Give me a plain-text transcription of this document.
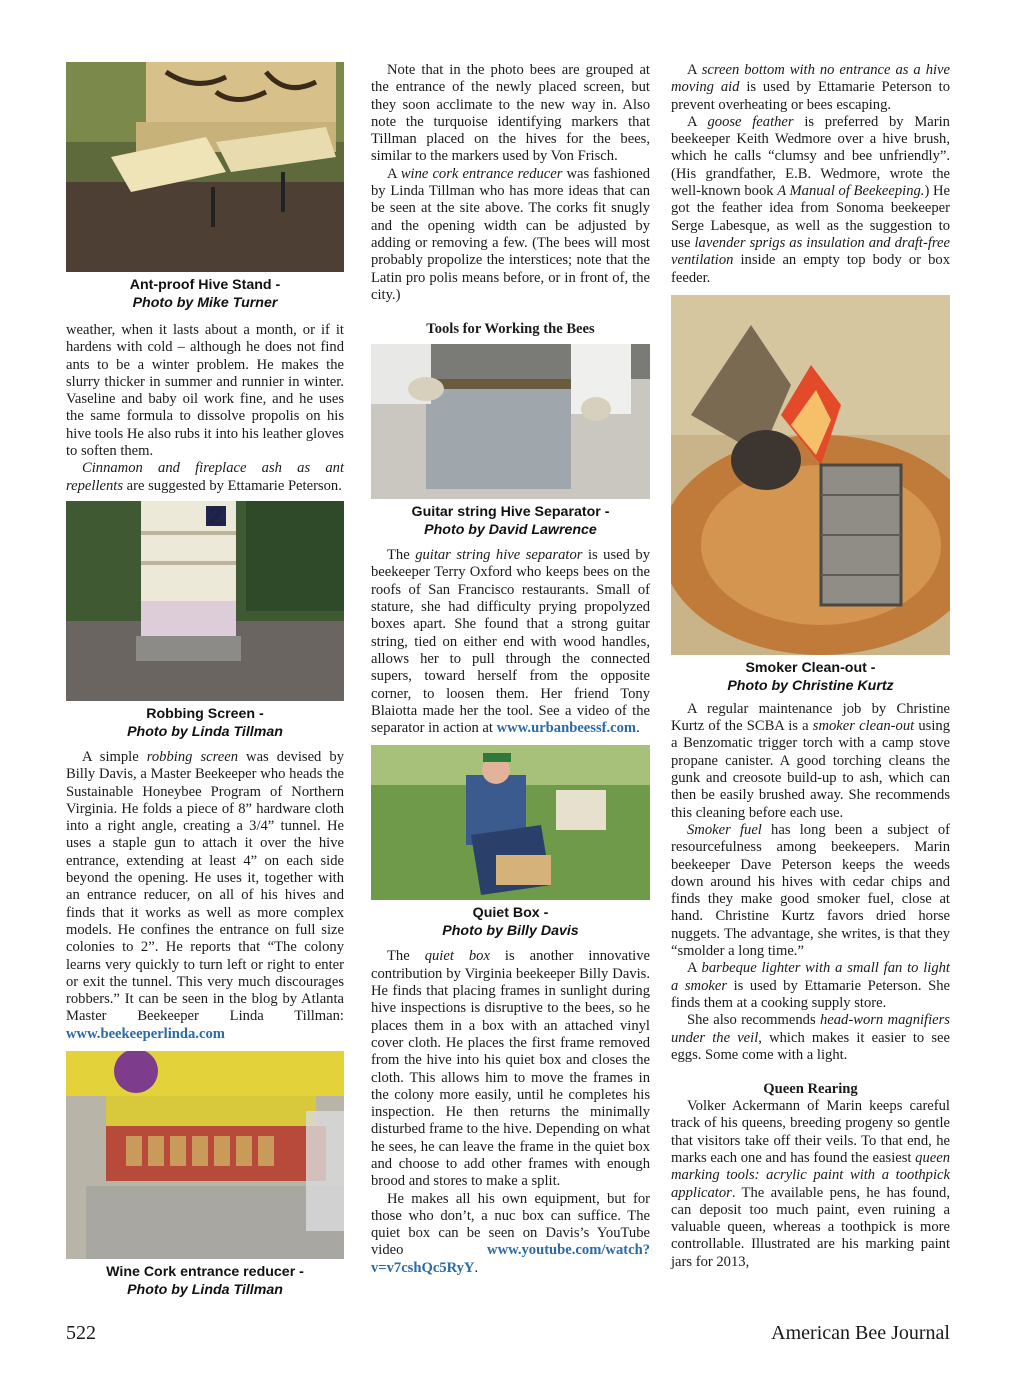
Ant-proof Hive Stand -
Photo by Mike Turner

weather, when it lasts about a month, or if it hardens with cold – although he does not find ants to be a winter problem. He makes the slurry thicker in summer and runnier in winter. Vaseline and baby oil work fine, and he uses the same formula to dissolve propolis on his hive tools He also rubs it into his leather gloves to soften them.

Cinnamon and fireplace ash as ant repellents are suggested by Ettamarie Peterson.

2
Robbing Screen -
Photo by Linda Tillman

A simple robbing screen was devised by Billy Davis, a Master Beekeeper who heads the Sustainable Honeybee Program of Northern Virginia. He folds a piece of 8” hardware cloth into a right angle, creating a 3/4” tunnel. He uses a staple gun to attach it over the hive entrance, extending at least 4” on each side beyond the opening. He uses it, together with an entrance reducer, on all of his hives and finds that it works as well as more complex models. He confines the entrance on full size colonies to 2”. He reports that “The colony learns very quickly to turn left or right to enter or exit the tunnel. This very much discourages robbers.” It can be seen in the blog by Atlanta Master Beekeeper Linda Tillman: www.beekeeperlinda.com

Wine Cork entrance reducer -
Photo by Linda Tillman

Note that in the photo bees are grouped at the entrance of the newly placed screen, but they soon acclimate to the new way in. Also note the turquoise identifying markers that Tillman placed on the hives for the bees, similar to the markers used by Von Frisch.

A wine cork entrance reducer was fashioned by Linda Tillman who has more ideas that can be seen at the site above. The corks fit snugly and the opening width can be adjusted by adding or removing a few. (The bees will most probably propolize the interstices; note that the Latin pro polis means before, or in front of, the city.)

Tools for Working the Bees
Guitar string Hive Separator -
Photo by David Lawrence

The guitar string hive separator is used by beekeeper Terry Oxford who keeps bees on the roofs of San Francisco restaurants. Small of stature, she had difficulty prying propolyzed boxes apart. She found that a strong guitar string, tied on either end with wood handles, allows her to pull through the connected supers, toward herself from the opposite corner, to loosen them. Her friend Tony Blaiotta made her the tool. See a video of the separator in action at www.urbanbeessf.com.

Quiet Box -
Photo by Billy Davis

The quiet box is another innovative contribution by Virginia beekeeper Billy Davis. He finds that placing frames in sunlight during hive inspections is disruptive to the bees, so he places them in a box with an attached vinyl cover cloth. He places the first frame removed from the hive into his quiet box and closes the cloth. This allows him to move the frames in the colony more easily, until he completes his inspection. He then returns the minimally disturbed frame to the hive. Depending on what he sees, he can leave the frame in the quiet box and choose to add other frames with enough brood and stores to make a split.

He makes all his own equipment, but for those who don’t, a nuc box can suffice. The quiet box can be seen on Davis’s YouTube video www.youtube.com/watch?v=v7cshQc5RyY.

A screen bottom with no entrance as a hive moving aid is used by Ettamarie Peterson to prevent overheating or bees escaping.

A goose feather is preferred by Marin beekeeper Keith Wedmore over a hive brush, which he calls “clumsy and bee unfriendly”. (His grandfather, E.B. Wedmore, wrote the well-known book A Manual of Beekeeping.) He got the feather idea from Sonoma beekeeper Serge Labesque, as well as the suggestion to use lavender sprigs as insulation and draft-free ventilation inside an empty top body or box feeder.

Smoker Clean-out -
Photo by Christine Kurtz

A regular maintenance job by Christine Kurtz of the SCBA is a smoker clean-out using a Benzomatic trigger torch with a camp stove propane canister. A good torching cleans the gunk and creosote build-up to ash, which can then be easily brushed away. She recommends this cleaning before each use.

Smoker fuel has long been a subject of resourcefulness among beekeepers. Marin beekeeper Dave Peterson keeps the weeds down around his hives with cedar chips and finds they make good smoker fuel, close at hand. Christine Kurtz favors dried horse nuggets. The advantage, she writes, is that they “smolder a long time.”

A barbeque lighter with a small fan to light a smoker is used by Ettamarie Peterson. She finds them at a cooking supply store.

She also recommends head-worn magnifiers under the veil, which makes it easier to see eggs. Some come with a light.

Queen Rearing

Volker Ackermann of Marin keeps careful track of his queens, breeding progeny so gentle that visitors take off their veils. To that end, he marks each one and has found the easiest queen marking tools: acrylic paint with a toothpick applicator. The available pens, he has found, can deposit too much paint, even ruining a valuable queen, whereas a toothpick is more controllable. Illustrated are his marking paint jars for 2013,

522	American Bee Journal
